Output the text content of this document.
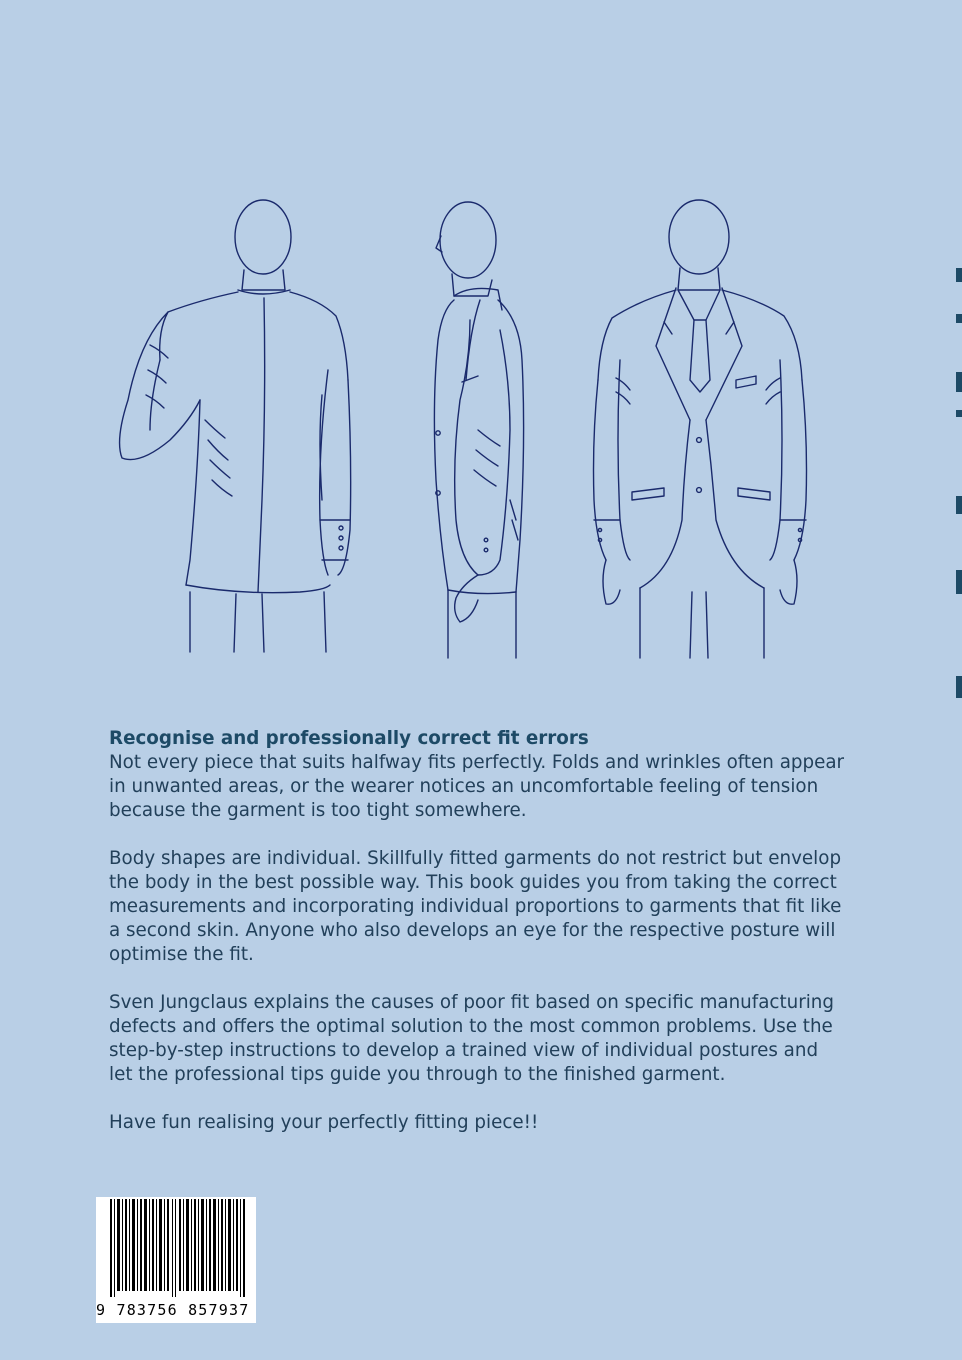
Recognise and professionally correct fit errors

Not every piece that suits halfway fits perfectly. Folds and wrinkles often appear
in unwanted areas, or the wearer notices an uncomfortable feeling of tension
because the garment is too tight somewhere.

Body shapes are individual. Skillfully fitted garments do not restrict but envelop
the body in the best possible way. This book guides you from taking the correct
measurements and incorporating individual proportions to garments that fit like
a second skin. Anyone who also develops an eye for the respective posture will
optimise the fit.

Sven Jungclaus explains the causes of poor fit based on specific manufacturing
defects and offers the optimal solution to the most common problems. Use the
step-by-step instructions to develop a trained view of individual postures and
let the professional tips guide you through to the finished garment.

Have fun realising your perfectly fitting piece!!

9 783756 857937
